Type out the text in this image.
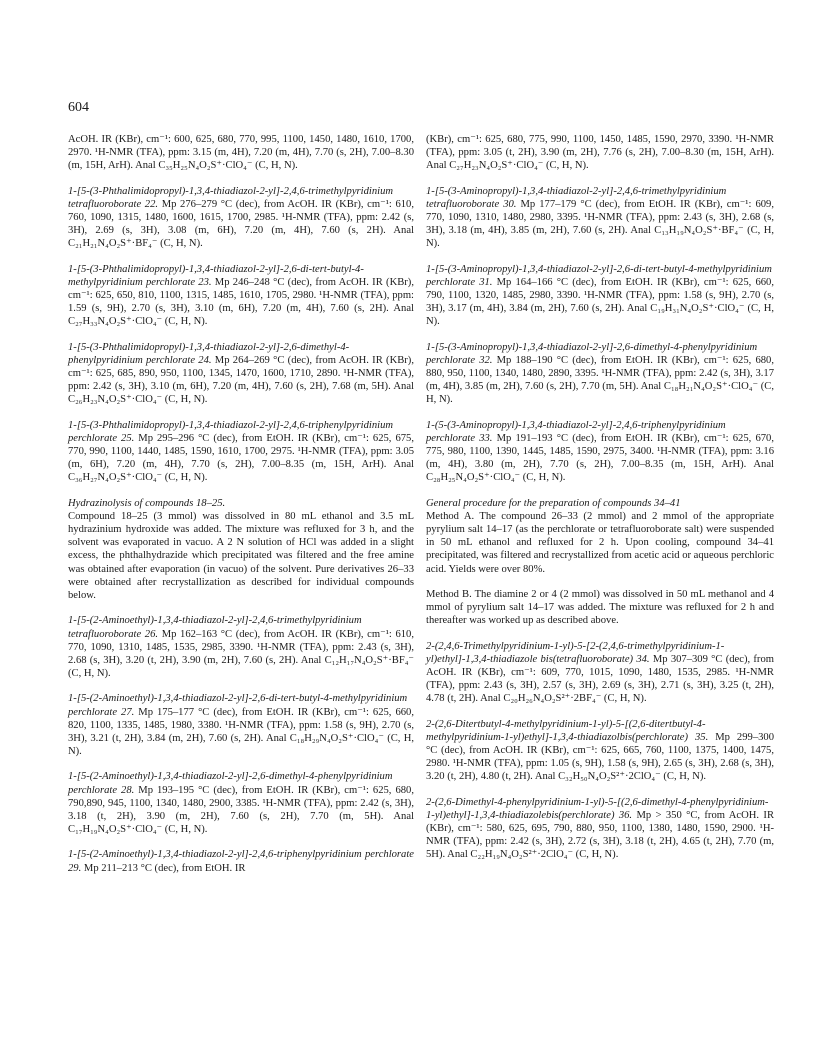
604

AcOH. IR (KBr), cm⁻¹: 600, 625, 680, 770, 995, 1100, 1450, 1480, 1610, 1700, 2970. ¹H-NMR (TFA), ppm: 3.15 (m, 4H), 7.20 (m, 4H), 7.70 (s, 2H), 7.00–8.30 (m, 15H, ArH). Anal C₃₅H₂₅N₄O₂S⁺·ClO₄⁻ (C, H, N).

1-[5-(3-Phthalimidopropyl)-1,3,4-thiadiazol-2-yl]-2,4,6-trimethylpyridinium tetrafluoroborate 22. Mp 276–279 °C (dec), from AcOH. IR (KBr), cm⁻¹: 610, 760, 1090, 1315, 1480, 1600, 1615, 1700, 2985. ¹H-NMR (TFA), ppm: 2.42 (s, 3H), 2.69 (s, 3H), 3.08 (m, 6H), 7.20 (m, 4H), 7.60 (s, 2H). Anal C₂₁H₂₁N₄O₂S⁺·BF₄⁻ (C, H, N).

1-[5-(3-Phthalimidopropyl)-1,3,4-thiadiazol-2-yl]-2,6-di-tert-butyl-4-methylpyridinium perchlorate 23. Mp 246–248 °C (dec), from AcOH. IR (KBr), cm⁻¹: 625, 650, 810, 1100, 1315, 1485, 1610, 1705, 2980. ¹H-NMR (TFA), ppm: 1.59 (s, 9H), 2.70 (s, 3H), 3.10 (m, 6H), 7.20 (m, 4H), 7.60 (s, 2H). Anal C₂₇H₃₃N₄O₂S⁺·ClO₄⁻ (C, H, N).

1-[5-(3-Phthalimidopropyl)-1,3,4-thiadiazol-2-yl]-2,6-dimethyl-4-phenylpyridinium perchlorate 24. Mp 264–269 °C (dec), from AcOH. IR (KBr), cm⁻¹: 625, 685, 890, 950, 1100, 1345, 1470, 1600, 1710, 2890. ¹H-NMR (TFA), ppm: 2.42 (s, 3H), 3.10 (m, 6H), 7.20 (m, 4H), 7.60 (s, 2H), 7.68 (m, 5H). Anal C₂₆H₂₃N₄O₂S⁺·ClO₄⁻ (C, H, N).

1-[5-(3-Phthalimidopropyl)-1,3,4-thiadiazol-2-yl]-2,4,6-triphenylpyridinium perchlorate 25. Mp 295–296 °C (dec), from EtOH. IR (KBr), cm⁻¹: 625, 675, 770, 990, 1100, 1440, 1485, 1590, 1610, 1700, 2975. ¹H-NMR (TFA), ppm: 3.05 (m, 6H), 7.20 (m, 4H), 7.70 (s, 2H), 7.00–8.35 (m, 15H, ArH). Anal C₃₆H₂₇N₄O₂S⁺·ClO₄⁻ (C, H, N).

Hydrazinolysis of compounds 18–25.
Compound 18–25 (3 mmol) was dissolved in 80 mL ethanol and 3.5 mL hydrazinium hydroxide was added. The mixture was refluxed for 3 h, and the solvent was evaporated in vacuo. A 2 N solution of HCl was added in a slight excess, the phthalhydrazide which precipitated was filtered and the free amine was obtained after evaporation (in vacuo) of the solvent. Pure derivatives 26–33 were obtained after recrystallization as described for individual compounds below.

1-[5-(2-Aminoethyl)-1,3,4-thiadiazol-2-yl]-2,4,6-trimethylpyridinium tetrafluoroborate 26. Mp 162–163 °C (dec), from AcOH. IR (KBr), cm⁻¹: 610, 770, 1090, 1310, 1485, 1535, 2985, 3390. ¹H-NMR (TFA), ppm: 2.43 (s, 3H), 2.68 (s, 3H), 3.20 (t, 2H), 3.90 (m, 2H), 7.60 (s, 2H). Anal C₁₂H₁₇N₄O₂S⁺·BF₄⁻ (C, H, N).

1-[5-(2-Aminoethyl)-1,3,4-thiadiazol-2-yl]-2,6-di-tert-butyl-4-methylpyridinium perchlorate 27. Mp 175–177 °C (dec), from EtOH. IR (KBr), cm⁻¹: 625, 660, 820, 1100, 1335, 1485, 1980, 3380. ¹H-NMR (TFA), ppm: 1.58 (s, 9H), 2.70 (s, 3H), 3.21 (t, 2H), 3.84 (m, 2H), 7.60 (s, 2H). Anal C₁₈H₂₉N₄O₂S⁺·ClO₄⁻ (C, H, N).

1-[5-(2-Aminoethyl)-1,3,4-thiadiazol-2-yl]-2,6-dimethyl-4-phenylpyridinium perchlorate 28. Mp 193–195 °C (dec), from EtOH. IR (KBr), cm⁻¹: 625, 680, 790,890, 945, 1100, 1340, 1480, 2900, 3385. ¹H-NMR (TFA), ppm: 2.42 (s, 3H), 3.18 (t, 2H), 3.90 (m, 2H), 7.60 (s, 2H), 7.70 (m, 5H). Anal C₁₇H₁₉N₄O₂S⁺·ClO₄⁻ (C, H, N).

1-[5-(2-Aminoethyl)-1,3,4-thiadiazol-2-yl]-2,4,6-triphenylpyridinium perchlorate 29. Mp 211–213 °C (dec), from EtOH. IR

(KBr), cm⁻¹: 625, 680, 775, 990, 1100, 1450, 1485, 1590, 2970, 3390. ¹H-NMR (TFA), ppm: 3.05 (t, 2H), 3.90 (m, 2H), 7.76 (s, 2H), 7.00–8.30 (m, 15H, ArH). Anal C₂₇H₂₃N₄O₂S⁺·ClO₄⁻ (C, H, N).

1-[5-(3-Aminopropyl)-1,3,4-thiadiazol-2-yl]-2,4,6-trimethylpyridinium tetrafluoroborate 30. Mp 177–179 °C (dec), from EtOH. IR (KBr), cm⁻¹: 609, 770, 1090, 1310, 1480, 2980, 3395. ¹H-NMR (TFA), ppm: 2.43 (s, 3H), 2.68 (s, 3H), 3.18 (m, 4H), 3.85 (m, 2H), 7.60 (s, 2H). Anal C₁₃H₁₉N₄O₂S⁺·BF₄⁻ (C, H, N).

1-[5-(3-Aminopropyl)-1,3,4-thiadiazol-2-yl]-2,6-di-tert-butyl-4-methylpyridinium perchlorate 31. Mp 164–166 °C (dec), from EtOH. IR (KBr), cm⁻¹: 625, 660, 790, 1100, 1320, 1485, 2980, 3390. ¹H-NMR (TFA), ppm: 1.58 (s, 9H), 2.70 (s, 3H), 3.17 (m, 4H), 3.84 (m, 2H), 7.60 (s, 2H). Anal C₁₉H₃₁N₄O₂S⁺·ClO₄⁻ (C, H, N).

1-[5-(3-Aminopropyl)-1,3,4-thiadiazol-2-yl]-2,6-dimethyl-4-phenylpyridinium perchlorate 32. Mp 188–190 °C (dec), from EtOH. IR (KBr), cm⁻¹: 625, 680, 880, 950, 1100, 1340, 1480, 2890, 3395. ¹H-NMR (TFA), ppm: 2.42 (s, 3H), 3.17 (m, 4H), 3.85 (m, 2H), 7.60 (s, 2H), 7.70 (m, 5H). Anal C₁₈H₂₁N₄O₂S⁺·ClO₄⁻ (C, H, N).

1-(5-(3-Aminopropyl)-1,3,4-thiadiazol-2-yl]-2,4,6-triphenylpyridinium perchlorate 33. Mp 191–193 °C (dec), from EtOH. IR (KBr), cm⁻¹: 625, 670, 775, 980, 1100, 1390, 1445, 1485, 1590, 2975, 3400. ¹H-NMR (TFA), ppm: 3.16 (m, 4H), 3.80 (m, 2H), 7.70 (s, 2H), 7.00–8.35 (m, 15H, ArH). Anal C₂₈H₂₅N₄O₂S⁺·ClO₄⁻ (C, H, N).

General procedure for the preparation of compounds 34–41
Method A. The compound 26–33 (2 mmol) and 2 mmol of the appropriate pyrylium salt 14–17 (as the perchlorate or tetrafluoroborate salt) were suspended in 50 mL ethanol and refluxed for 2 h. Upon cooling, compound 34–41 precipitated, was filtered and recrystallized from acetic acid or aqueous perchloric acid. Yields were over 80%.

Method B. The diamine 2 or 4 (2 mmol) was dissolved in 50 mL methanol and 4 mmol of pyrylium salt 14–17 was added. The mixture was refluxed for 2 h and thereafter was worked up as described above.

2-(2,4,6-Trimethylpyridinium-1-yl)-5-[2-(2,4,6-trimethylpyridinium-1-yl)ethyl]-1,3,4-thiadiazole bis(tetrafluoroborate) 34. Mp 307–309 °C (dec), from AcOH. IR (KBr), cm⁻¹: 609, 770, 1015, 1090, 1480, 1535, 2985. ¹H-NMR (TFA), ppm: 2.43 (s, 3H), 2.57 (s, 3H), 2.69 (s, 3H), 2.71 (s, 3H), 3.25 (t, 2H), 4.78 (t, 2H). Anal C₂₀H₂₆N₄O₂S²⁺·2BF₄⁻ (C, H, N).

2-(2,6-Ditertbutyl-4-methylpyridinium-1-yl)-5-[(2,6-ditertbutyl-4-methylpyridinium-1-yl)ethyl]-1,3,4-thiadiazolbis(perchlorate) 35. Mp 299–300 °C (dec), from AcOH. IR (KBr), cm⁻¹: 625, 665, 760, 1100, 1375, 1400, 1475, 2980. ¹H-NMR (TFA), ppm: 1.05 (s, 9H), 1.58 (s, 9H), 2.65 (s, 3H), 2.68 (s, 3H), 3.20 (t, 2H), 4.80 (t, 2H). Anal C₃₂H₅₀N₄O₂S²⁺·2ClO₄⁻ (C, H, N).

2-(2,6-Dimethyl-4-phenylpyridinium-1-yl)-5-[(2,6-dimethyl-4-phenylpyridinium-1-yl)ethyl]-1,3,4-thiadiazolebis(perchlorate) 36. Mp > 350 °C, from AcOH. IR (KBr), cm⁻¹: 580, 625, 695, 790, 880, 950, 1100, 1380, 1480, 1590, 2900. ¹H-NMR (TFA), ppm: 2.42 (s, 3H), 2.72 (s, 3H), 3.18 (t, 2H), 4.65 (t, 2H), 7.70 (m, 5H). Anal C₂₂H₁₉N₄O₂S²⁺·2ClO₄⁻ (C, H, N).
